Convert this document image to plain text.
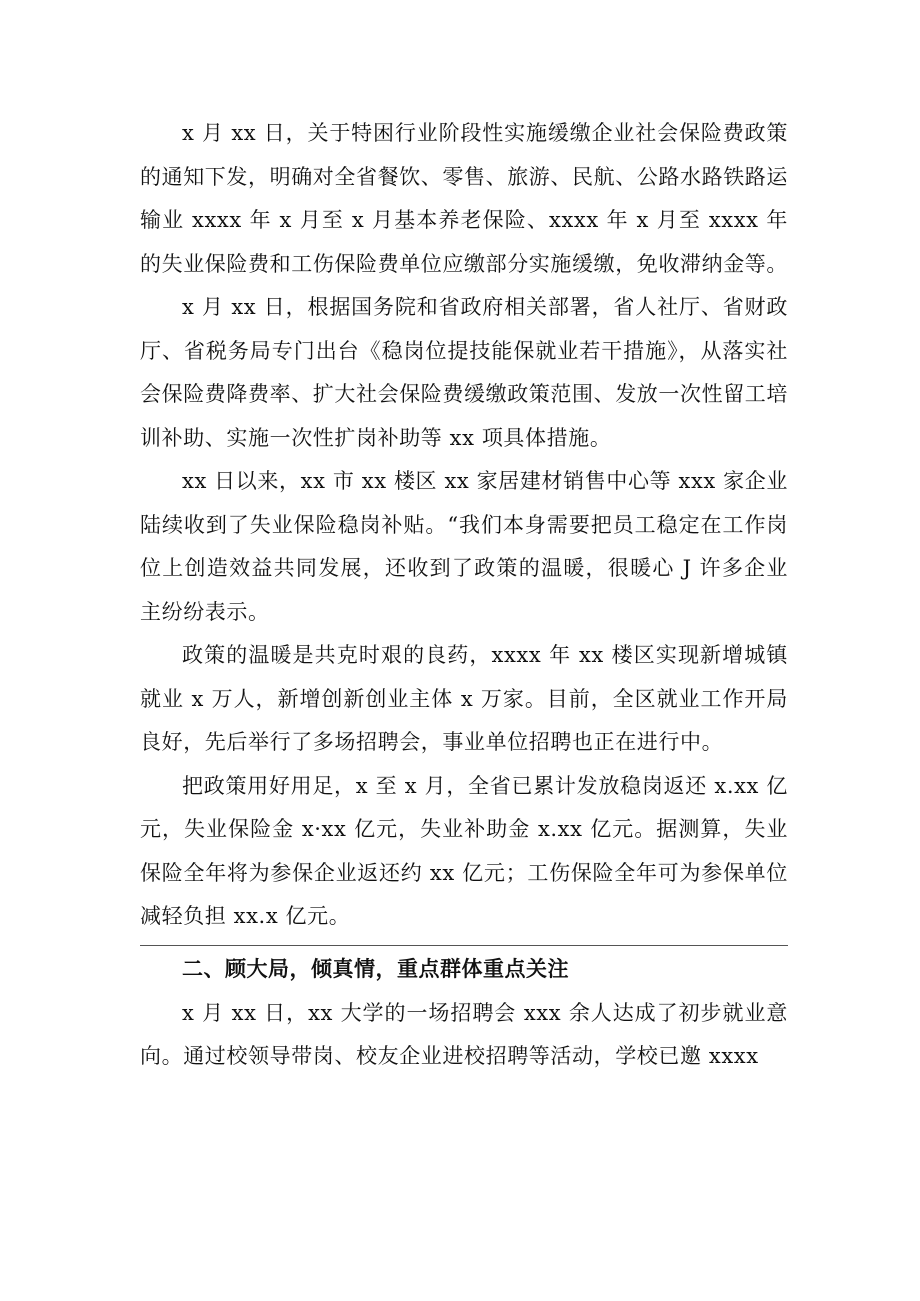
x 月 xx 日，关于特困行业阶段性实施缓缴企业社会保险费政策的通知下发，明确对全省餐饮、零售、旅游、民航、公路水路铁路运输业 xxxx 年 x 月至 x 月基本养老保险、xxxx 年 x 月至 xxxx 年的失业保险费和工伤保险费单位应缴部分实施缓缴，免收滞纳金等。

x 月 xx 日，根据国务院和省政府相关部署，省人社厅、省财政厅、省税务局专门出台《稳岗位提技能保就业若干措施》，从落实社会保险费降费率、扩大社会保险费缓缴政策范围、发放一次性留工培训补助、实施一次性扩岗补助等 xx 项具体措施。

xx 日以来，xx 市 xx 楼区 xx 家居建材销售中心等 xxx 家企业陆续收到了失业保险稳岗补贴。“我们本身需要把员工稳定在工作岗位上创造效益共同发展，还收到了政策的温暖，很暖心 J 许多企业主纷纷表示。

政策的温暖是共克时艰的良药，xxxx 年 xx 楼区实现新增城镇就业 x 万人，新增创新创业主体 x 万家。目前，全区就业工作开局良好，先后举行了多场招聘会，事业单位招聘也正在进行中。

把政策用好用足，x 至 x 月，全省已累计发放稳岗返还 x.xx 亿元，失业保险金 x·xx 亿元，失业补助金 x.xx 亿元。据测算，失业保险全年将为参保企业返还约 xx 亿元；工伤保险全年可为参保单位减轻负担 xx.x 亿元。

二、顾大局，倾真情，重点群体重点关注

x 月 xx 日，xx 大学的一场招聘会 xxx 余人达成了初步就业意向。通过校领导带岗、校友企业进校招聘等活动，学校已邀 xxxx
